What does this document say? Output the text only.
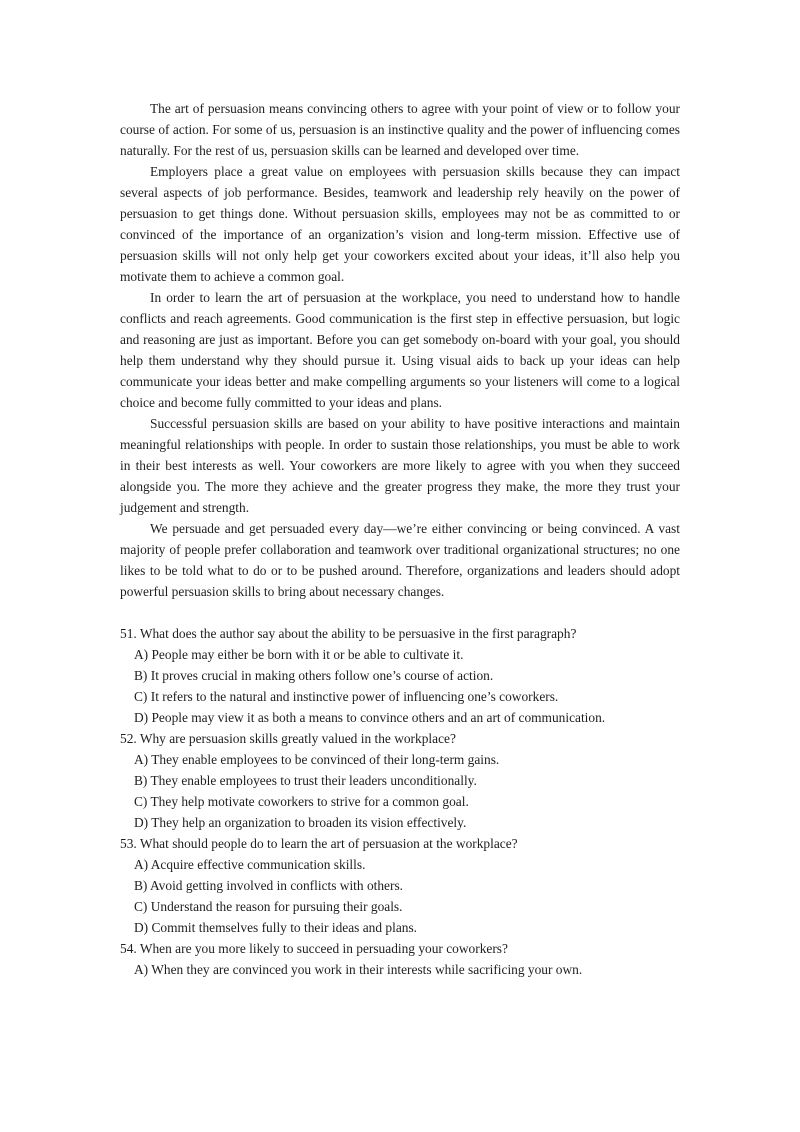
The art of persuasion means convincing others to agree with your point of view or to follow your course of action. For some of us, persuasion is an instinctive quality and the power of influencing comes naturally. For the rest of us, persuasion skills can be learned and developed over time.

Employers place a great value on employees with persuasion skills because they can impact several aspects of job performance. Besides, teamwork and leadership rely heavily on the power of persuasion to get things done. Without persuasion skills, employees may not be as committed to or convinced of the importance of an organization’s vision and long-term mission. Effective use of persuasion skills will not only help get your coworkers excited about your ideas, it’ll also help you motivate them to achieve a common goal.

In order to learn the art of persuasion at the workplace, you need to understand how to handle conflicts and reach agreements. Good communication is the first step in effective persuasion, but logic and reasoning are just as important. Before you can get somebody on-board with your goal, you should help them understand why they should pursue it. Using visual aids to back up your ideas can help communicate your ideas better and make compelling arguments so your listeners will come to a logical choice and become fully committed to your ideas and plans.

Successful persuasion skills are based on your ability to have positive interactions and maintain meaningful relationships with people. In order to sustain those relationships, you must be able to work in their best interests as well. Your coworkers are more likely to agree with you when they succeed alongside you. The more they achieve and the greater progress they make, the more they trust your judgement and strength.

We persuade and get persuaded every day—we’re either convincing or being convinced. A vast majority of people prefer collaboration and teamwork over traditional organizational structures; no one likes to be told what to do or to be pushed around. Therefore, organizations and leaders should adopt powerful persuasion skills to bring about necessary changes.

51. What does the author say about the ability to be persuasive in the first paragraph?

A) People may either be born with it or be able to cultivate it.

B) It proves crucial in making others follow one’s course of action.

C) It refers to the natural and instinctive power of influencing one’s coworkers.

D) People may view it as both a means to convince others and an art of communication.

52. Why are persuasion skills greatly valued in the workplace?

A) They enable employees to be convinced of their long-term gains.

B) They enable employees to trust their leaders unconditionally.

C) They help motivate coworkers to strive for a common goal.

D) They help an organization to broaden its vision effectively.

53. What should people do to learn the art of persuasion at the workplace?

A) Acquire effective communication skills.

B) Avoid getting involved in conflicts with others.

C) Understand the reason for pursuing their goals.

D) Commit themselves fully to their ideas and plans.

54. When are you more likely to succeed in persuading your coworkers?

A) When they are convinced you work in their interests while sacrificing your own.
